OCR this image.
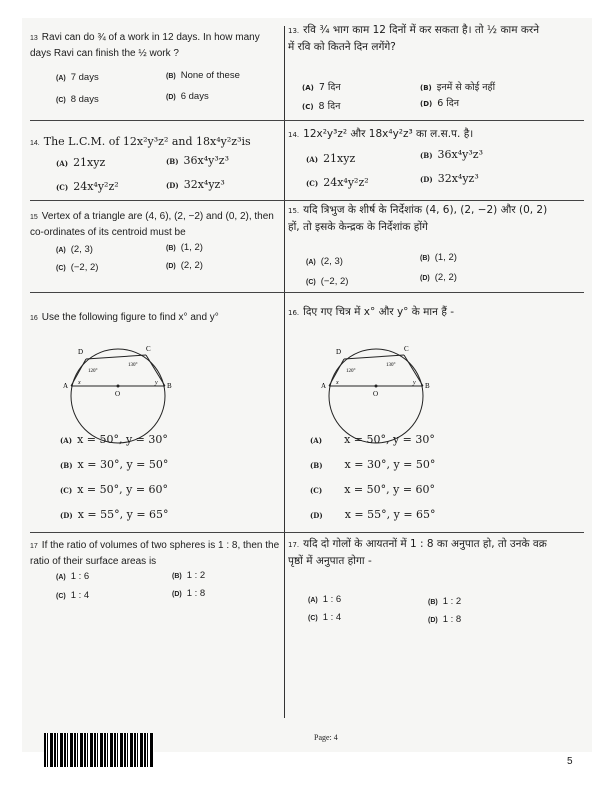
13 Ravi can do ¾ of a work in 12 days. In how many days Ravi can finish the ½ work ?
(A) 7 days	(B) None of these
(C) 8 days	(D) 6 days
13. रवि ¾ भाग काम 12 दिनों में कर सकता है। तो ½ काम करने में रवि को कितने दिन लगेंगे?
(A) 7 दिन	(B) इनमें से कोई नहीं
(C) 8 दिन	(D) 6 दिन
14. The L.C.M. of 12x²y³z² and 18x⁴y²z³is
(A) 21xyz	(B) 36x⁴y³z³
(C) 24x⁴y²z²	(D) 32x⁴yz³
14. 12x²y³z² और 18x⁴y²z³ का ल.स.प. है।
(A) 21xyz	(B) 36x⁴y³z³
(C) 24x⁴y²z²	(D) 32x⁴yz³
15 Vertex of a triangle are (4, 6), (2, −2) and (0, 2), then co-ordinates of its centroid must be
(A) (2, 3)	(B) (1, 2)
(C) (−2, 2)	(D) (2, 2)
15. यदि त्रिभुज के शीर्ष के निर्देशांक (4, 6), (2, −2) और (0, 2) हों, तो इसके केन्द्रक के निर्देशांक होंगे
(A) (2, 3)	(B) (1, 2)
(C) (−2, 2)	(D) (2, 2)
16 Use the following figure to find x° and y°
D	C
A	B
O
120°
130°
x	y
(A) x = 50°, y = 30°
(B) x = 30°, y = 50°
(C) x = 50°, y = 60°
(D) x = 55°, y = 65°
16. दिए गए चित्र में x° और y° के मान हैं -
D	C
A	B
O
120°
130°
x	y
(A) x = 50°, y = 30°
(B) x = 30°, y = 50°
(C) x = 50°, y = 60°
(D) x = 55°, y = 65°
17 If the ratio of volumes of two spheres is 1 : 8, then the ratio of their surface areas is
(A) 1 : 6	(B) 1 : 2
(C) 1 : 4	(D) 1 : 8
17. यदि दो गोलों के आयतनों में 1 : 8 का अनुपात हो, तो उनके वक्र पृष्ठों में अनुपात होगा -
(A) 1 : 6	(B) 1 : 2
(C) 1 : 4	(D) 1 : 8
Page: 4
5
